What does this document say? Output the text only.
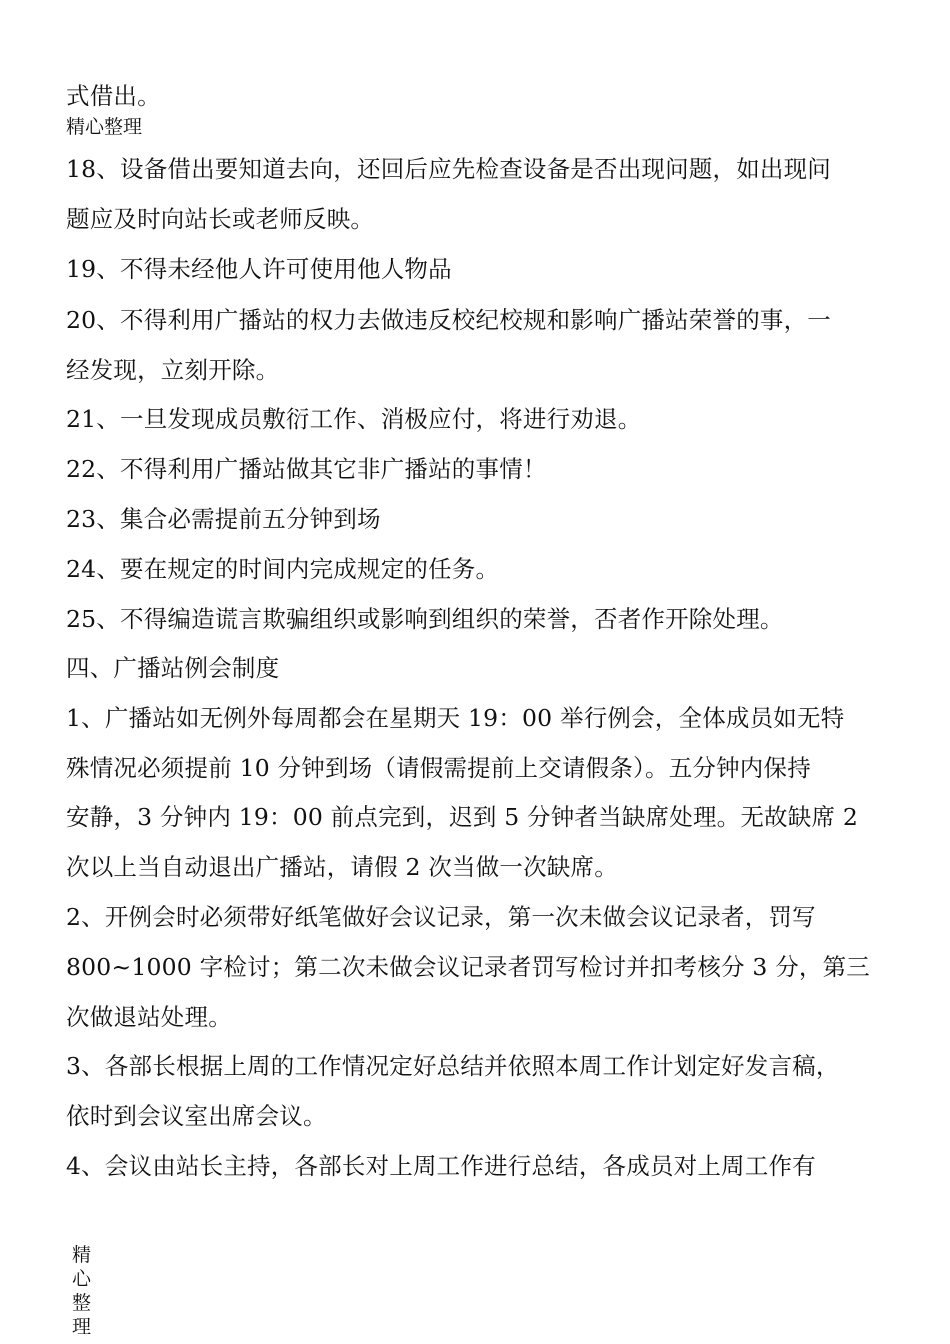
式借出。
精心整理
18、设备借出要知道去向，还回后应先检查设备是否出现问题，如出现问
题应及时向站长或老师反映。
19、不得未经他人许可使用他人物品
20、不得利用广播站的权力去做违反校纪校规和影响广播站荣誉的事，一
经发现，立刻开除。
21、一旦发现成员敷衍工作、消极应付，将进行劝退。
22、不得利用广播站做其它非广播站的事情！
23、集合必需提前五分钟到场
24、要在规定的时间内完成规定的任务。
25、不得编造谎言欺骗组织或影响到组织的荣誉，否者作开除处理。
四、广播站例会制度
1、广播站如无例外每周都会在星期天 19：00 举行例会，全体成员如无特
殊情况必须提前 10 分钟到场（请假需提前上交请假条）。五分钟内保持
安静，3 分钟内 19：00 前点完到，迟到 5 分钟者当缺席处理。无故缺席 2
次以上当自动退出广播站，请假 2 次当做一次缺席。
2、开例会时必须带好纸笔做好会议记录，第一次未做会议记录者，罚写
800~1000 字检讨；第二次未做会议记录者罚写检讨并扣考核分 3 分，第三
次做退站处理。
3、各部长根据上周的工作情况定好总结并依照本周工作计划定好发言稿，
依时到会议室出席会议。
4、会议由站长主持，各部长对上周工作进行总结，各成员对上周工作有
精心整理
